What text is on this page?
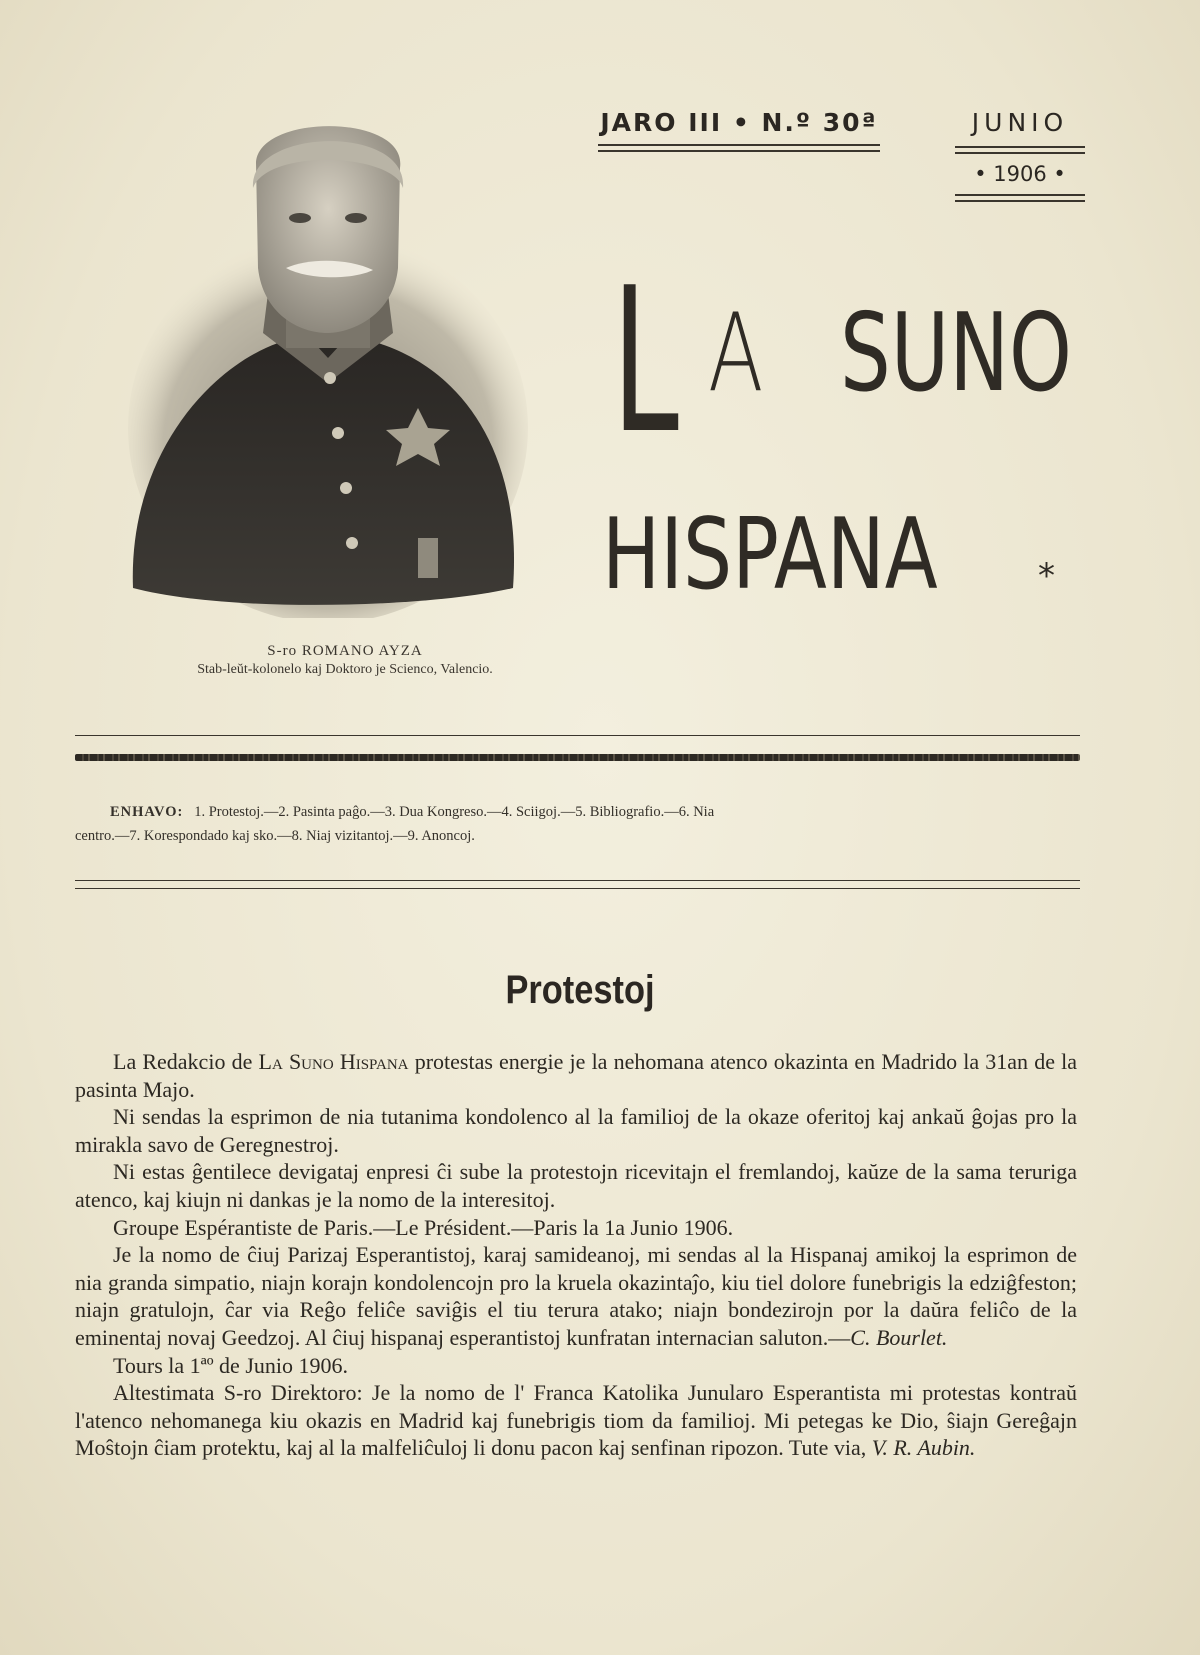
JARO III • N.º 30ª	JUNIO
• 1906 •
L A SUNO
HISPANA	*
S-ro ROMANO AYZA
Stab-leŭt-kolonelo kaj Doktoro je Scienco, Valencio.
ENHAVO: 1. Protestoj.—2. Pasinta paĝo.—3. Dua Kongreso.—4. Sciigoj.—5. Bibliografio.—6. Nia
centro.—7. Korespondado kaj sko.—8. Niaj vizitantoj.—9. Anoncoj.
Protestoj

La Redakcio de La Suno Hispana protestas energie je la nehomana atenco okazinta en Madrido la 31an de la pasinta Majo.

Ni sendas la esprimon de nia tutanima kondolenco al la familioj de la okaze oferitoj kaj ankaŭ ĝojas pro la mirakla savo de Geregnestroj.

Ni estas ĝentilece devigataj enpresi ĉi sube la protestojn ricevitajn el fremlandoj, kaŭze de la sama teruriga atenco, kaj kiujn ni dankas je la nomo de la interesitoj.

Groupe Espérantiste de Paris.—Le Président.—Paris la 1a Junio 1906.

Je la nomo de ĉiuj Parizaj Esperantistoj, karaj samideanoj, mi sendas al la Hispanaj amikoj la esprimon de nia granda simpatio, niajn korajn kondolencojn pro la kruela okazintaĵo, kiu tiel dolore funebrigis la edziĝfeston; niajn gratulojn, ĉar via Reĝo feliĉe saviĝis el tiu terura atako; niajn bondezirojn por la daŭra feliĉo de la eminentaj novaj Geedzoj. Al ĉiuj hispanaj esperantistoj kunfratan internacian saluton.—C. Bourlet.

Tours la 1ªº de Junio 1906.

Altestimata S-ro Direktoro: Je la nomo de l' Franca Katolika Junularo Esperantista mi protestas kontraŭ l'atenco nehomanega kiu okazis en Madrid kaj funebrigis tiom da familioj. Mi petegas ke Dio, ŝiajn Gereĝajn Moŝtojn ĉiam protektu, kaj al la malfeliĉuloj li donu pacon kaj senfinan ripozon. Tute via, V. R. Aubin.
